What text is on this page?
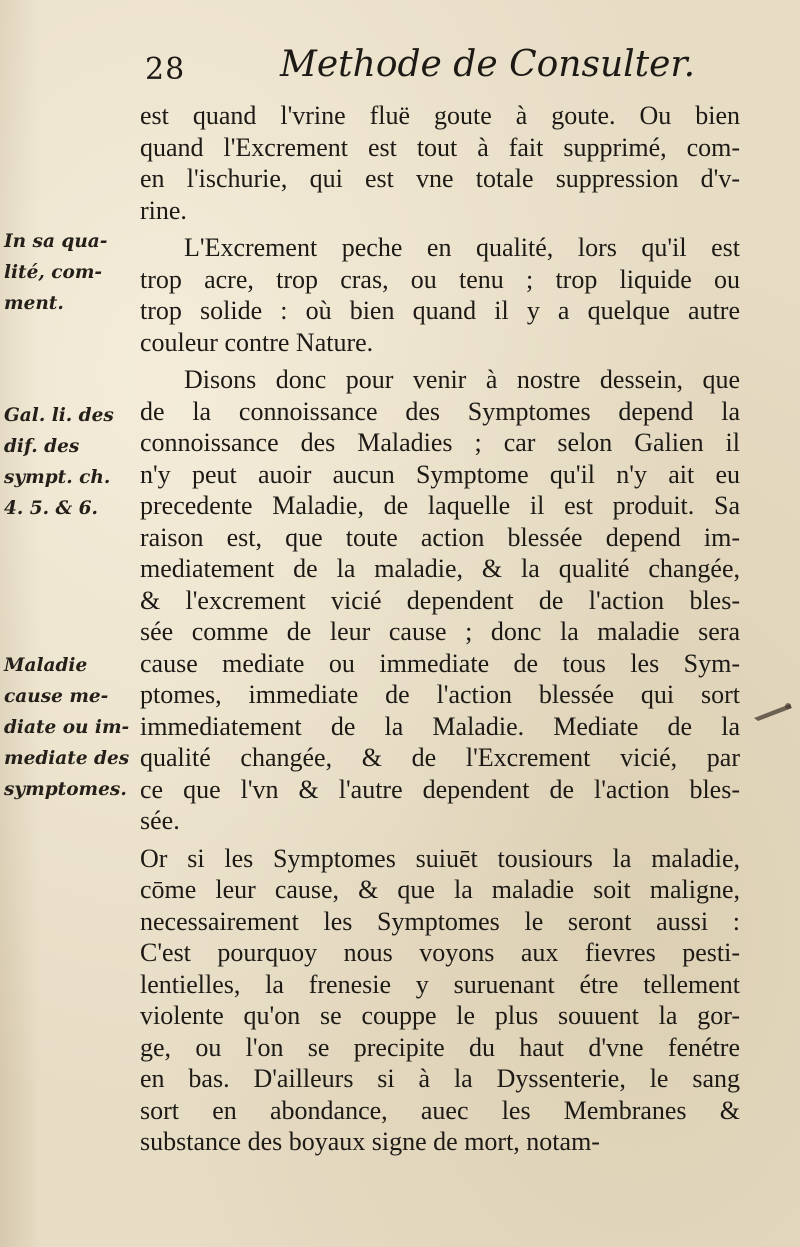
28	Methode de Consulter.
In sa qua-
lité, com-
ment.
Gal. li. des
dif. des
sympt. ch.
4. 5. & 6.
Maladie
cause me-
diate ou im-
mediate des
symptomes.
est quand l'vrine fluë goute à goute. Ou bien
quand l'Excrement est tout à fait supprimé, com-
en l'ischurie, qui est vne totale suppression d'v-
rine.
L'Excrement peche en qualité, lors qu'il est
trop acre, trop cras, ou tenu ; trop liquide ou
trop solide : où bien quand il y a quelque autre
couleur contre Nature.
Disons donc pour venir à nostre dessein, que
de la connoissance des Symptomes depend la
connoissance des Maladies ; car selon Galien il
n'y peut auoir aucun Symptome qu'il n'y ait eu
precedente Maladie, de laquelle il est produit. Sa
raison est, que toute action blessée depend im-
mediatement de la maladie, & la qualité changée,
& l'excrement vicié dependent de l'action bles-
sée comme de leur cause ; donc la maladie sera
cause mediate ou immediate de tous les Sym-
ptomes, immediate de l'action blessée qui sort
immediatement de la Maladie. Mediate de la
qualité changée, & de l'Excrement vicié, par
ce que l'vn & l'autre dependent de l'action bles-
sée.
Or si les Symptomes suiuēt tousiours la maladie,
cōme leur cause, & que la maladie soit maligne,
necessairement les Symptomes le seront aussi :
C'est pourquoy nous voyons aux fievres pesti-
lentielles, la frenesie y suruenant étre tellement
violente qu'on se couppe le plus souuent la gor-
ge, ou l'on se precipite du haut d'vne fenétre
en bas. D'ailleurs si à la Dyssenterie, le sang
sort en abondance, auec les Membranes &
substance des boyaux signe de mort, notam-
